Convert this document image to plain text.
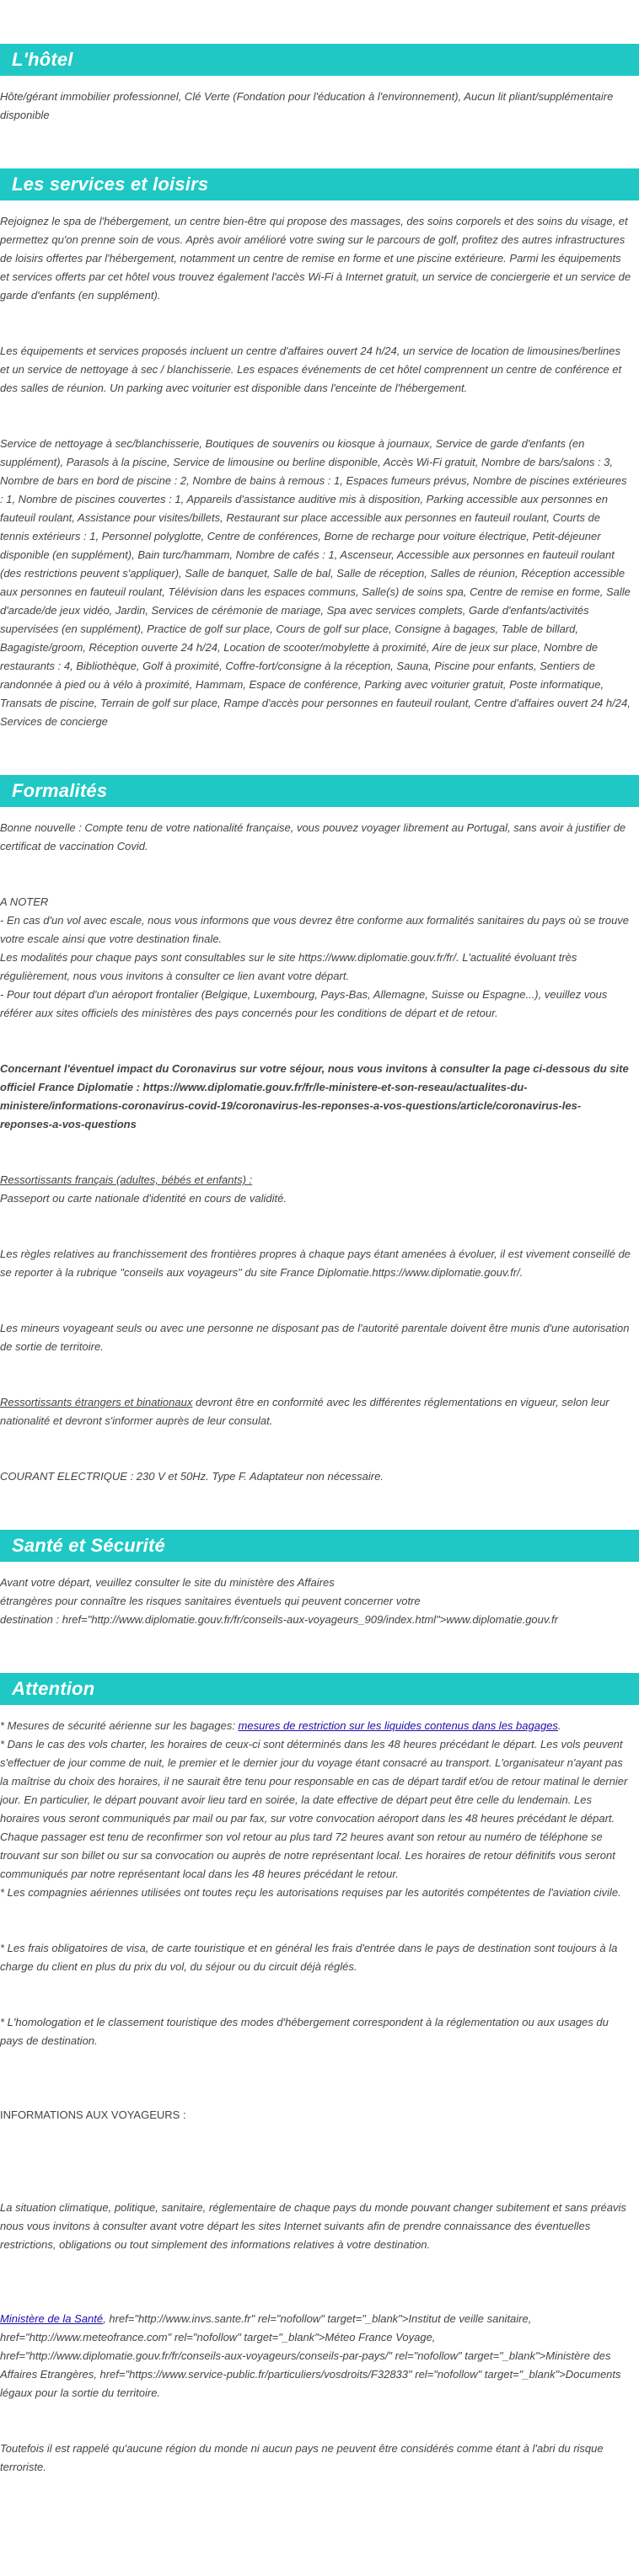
L'hôtel

Hôte/gérant immobilier professionnel, Clé Verte (Fondation pour l'éducation à l'environnement), Aucun lit pliant/supplémentaire disponible

Les services et loisirs

Rejoignez le spa de l'hébergement, un centre bien-être qui propose des massages, des soins corporels et des soins du visage, et permettez qu'on prenne soin de vous. Après avoir amélioré votre swing sur le parcours de golf, profitez des autres infrastructures de loisirs offertes par l'hébergement, notamment un centre de remise en forme et une piscine extérieure. Parmi les équipements et services offerts par cet hôtel vous trouvez également l'accès Wi-Fi à Internet gratuit, un service de conciergerie et un service de garde d'enfants (en supplément).

Les équipements et services proposés incluent un centre d'affaires ouvert 24 h/24, un service de location de limousines/berlines et un service de nettoyage à sec / blanchisserie. Les espaces événements de cet hôtel comprennent un centre de conférence et des salles de réunion. Un parking avec voiturier est disponible dans l'enceinte de l'hébergement.

Service de nettoyage à sec/blanchisserie, Boutiques de souvenirs ou kiosque à journaux, Service de garde d'enfants (en supplément), Parasols à la piscine, Service de limousine ou berline disponible, Accès Wi-Fi gratuit, Nombre de bars/salons : 3, Nombre de bars en bord de piscine : 2, Nombre de bains à remous : 1, Espaces fumeurs prévus, Nombre de piscines extérieures : 1, Nombre de piscines couvertes : 1, Appareils d'assistance auditive mis à disposition, Parking accessible aux personnes en fauteuil roulant, Assistance pour visites/billets, Restaurant sur place accessible aux personnes en fauteuil roulant, Courts de tennis extérieurs : 1, Personnel polyglotte, Centre de conférences, Borne de recharge pour voiture électrique, Petit-déjeuner disponible (en supplément), Bain turc/hammam, Nombre de cafés : 1, Ascenseur, Accessible aux personnes en fauteuil roulant (des restrictions peuvent s'appliquer), Salle de banquet, Salle de bal, Salle de réception, Salles de réunion, Réception accessible aux personnes en fauteuil roulant, Télévision dans les espaces communs, Salle(s) de soins spa, Centre de remise en forme, Salle d'arcade/de jeux vidéo, Jardin, Services de cérémonie de mariage, Spa avec services complets, Garde d'enfants/activités supervisées (en supplément), Practice de golf sur place, Cours de golf sur place, Consigne à bagages, Table de billard, Bagagiste/groom, Réception ouverte 24 h/24, Location de scooter/mobylette à proximité, Aire de jeux sur place, Nombre de restaurants : 4, Bibliothèque, Golf à proximité, Coffre-fort/consigne à la réception, Sauna, Piscine pour enfants, Sentiers de randonnée à pied ou à vélo à proximité, Hammam, Espace de conférence, Parking avec voiturier gratuit, Poste informatique, Transats de piscine, Terrain de golf sur place, Rampe d'accès pour personnes en fauteuil roulant, Centre d'affaires ouvert 24 h/24, Services de concierge

Formalités

Bonne nouvelle : Compte tenu de votre nationalité française, vous pouvez voyager librement au Portugal, sans avoir à justifier de certificat de vaccination Covid.

A NOTER

- En cas d'un vol avec escale, nous vous informons que vous devrez être conforme aux formalités sanitaires du pays où se trouve votre escale ainsi que votre destination finale.

Les modalités pour chaque pays sont consultables sur le site https://www.diplomatie.gouv.fr/fr/. L'actualité évoluant très régulièrement, nous vous invitons à consulter ce lien avant votre départ.

- Pour tout départ d'un aéroport frontalier (Belgique, Luxembourg, Pays-Bas, Allemagne, Suisse ou Espagne...), veuillez vous référer aux sites officiels des ministères des pays concernés pour les conditions de départ et de retour.

Concernant l'éventuel impact du Coronavirus sur votre séjour, nous vous invitons à consulter la page ci-dessous du site officiel France Diplomatie : https://www.diplomatie.gouv.fr/fr/le-ministere-et-son-reseau/actualites-du-ministere/informations-coronavirus-covid-19/coronavirus-les-reponses-a-vos-questions/article/coronavirus-les-reponses-a-vos-questions

Ressortissants français (adultes, bébés et enfants) :

Passeport ou carte nationale d'identité en cours de validité.

Les règles relatives au franchissement des frontières propres à chaque pays étant amenées à évoluer, il est vivement conseillé de se reporter à la rubrique "conseils aux voyageurs" du site France Diplomatie.https://www.diplomatie.gouv.fr/.

Les mineurs voyageant seuls ou avec une personne ne disposant pas de l'autorité parentale doivent être munis d'une autorisation de sortie de territoire.

Ressortissants étrangers et binationaux devront être en conformité avec les différentes réglementations en vigueur, selon leur nationalité et devront s'informer auprès de leur consulat.

COURANT ELECTRIQUE : 230 V et 50Hz. Type F. Adaptateur non nécessaire.

Santé et Sécurité

Avant votre départ, veuillez consulter le site du ministère des Affaires

étrangères pour connaître les risques sanitaires éventuels qui peuvent concerner votre

destination : href="http://www.diplomatie.gouv.fr/fr/conseils-aux-voyageurs_909/index.html">www.diplomatie.gouv.fr

Attention

* Mesures de sécurité aérienne sur les bagages: mesures de restriction sur les liquides contenus dans les bagages.

* Dans le cas des vols charter, les horaires de ceux-ci sont déterminés dans les 48 heures précédant le départ. Les vols peuvent s'effectuer de jour comme de nuit, le premier et le dernier jour du voyage étant consacré au transport. L'organisateur n'ayant pas la maîtrise du choix des horaires, il ne saurait être tenu pour responsable en cas de départ tardif et/ou de retour matinal le dernier jour. En particulier, le départ pouvant avoir lieu tard en soirée, la date effective de départ peut être celle du lendemain. Les horaires vous seront communiqués par mail ou par fax, sur votre convocation aéroport dans les 48 heures précédant le départ. Chaque passager est tenu de reconfirmer son vol retour au plus tard 72 heures avant son retour au numéro de téléphone se trouvant sur son billet ou sur sa convocation ou auprès de notre représentant local. Les horaires de retour définitifs vous seront communiqués par notre représentant local dans les 48 heures précédant le retour.

* Les compagnies aériennes utilisées ont toutes reçu les autorisations requises par les autorités compétentes de l'aviation civile.

* Les frais obligatoires de visa, de carte touristique et en général les frais d'entrée dans le pays de destination sont toujours à la charge du client en plus du prix du vol, du séjour ou du circuit déjà réglés.

* L'homologation et le classement touristique des modes d'hébergement correspondent à la réglementation ou aux usages du pays de destination.

INFORMATIONS AUX VOYAGEURS :

La situation climatique, politique, sanitaire, réglementaire de chaque pays du monde pouvant changer subitement et sans préavis

nous vous invitons à consulter avant votre départ les sites Internet suivants afin de prendre connaissance des éventuelles restrictions, obligations ou tout simplement des informations relatives à votre destination.

Ministère de la Santé, href="http://www.invs.sante.fr" rel="nofollow" target="_blank">Institut de veille sanitaire, href="http://www.meteofrance.com" rel="nofollow" target="_blank">Méteo France Voyage, href="http://www.diplomatie.gouv.fr/fr/conseils-aux-voyageurs/conseils-par-pays/" rel="nofollow" target="_blank">Ministère des Affaires Etrangères, href="https://www.service-public.fr/particuliers/vosdroits/F32833" rel="nofollow" target="_blank">Documents légaux pour la sortie du territoire.

Toutefois il est rappelé qu'aucune région du monde ni aucun pays ne peuvent être considérés comme étant à l'abri du risque terroriste.
